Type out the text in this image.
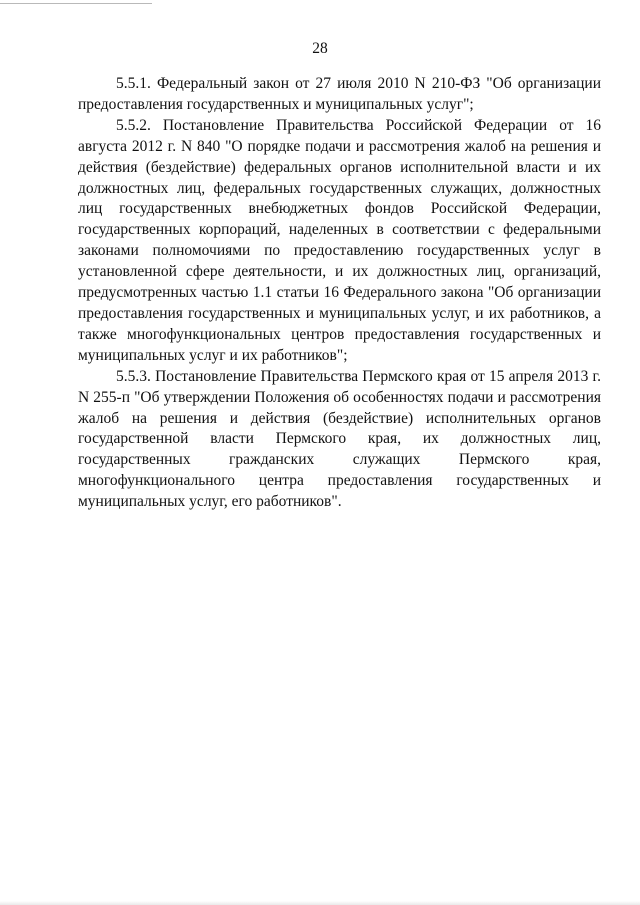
28

5.5.1. Федеральный закон от 27 июля 2010 N 210-ФЗ "Об организации предоставления государственных и муниципальных услуг";

5.5.2. Постановление Правительства Российской Федерации от 16 августа 2012 г. N 840 "О порядке подачи и рассмотрения жалоб на решения и действия (бездействие) федеральных органов исполнительной власти и их должностных лиц, федеральных государственных служащих, должностных лиц государственных внебюджетных фондов Российской Федерации, государственных корпораций, наделенных в соответствии с федеральными законами полномочиями по предоставлению государственных услуг в установленной сфере деятельности, и их должностных лиц, организаций, предусмотренных частью 1.1 статьи 16 Федерального закона "Об организации предоставления государственных и муниципальных услуг, и их работников, а также многофункциональных центров предоставления государственных и муниципальных услуг и их работников";

5.5.3. Постановление Правительства Пермского края от 15 апреля 2013 г. N 255-п "Об утверждении Положения об особенностях подачи и рассмотрения жалоб на решения и действия (бездействие) исполнительных органов государственной власти Пермского края, их должностных лиц, государственных гражданских служащих Пермского края, многофункционального центра предоставления государственных и муниципальных услуг, его работников".
